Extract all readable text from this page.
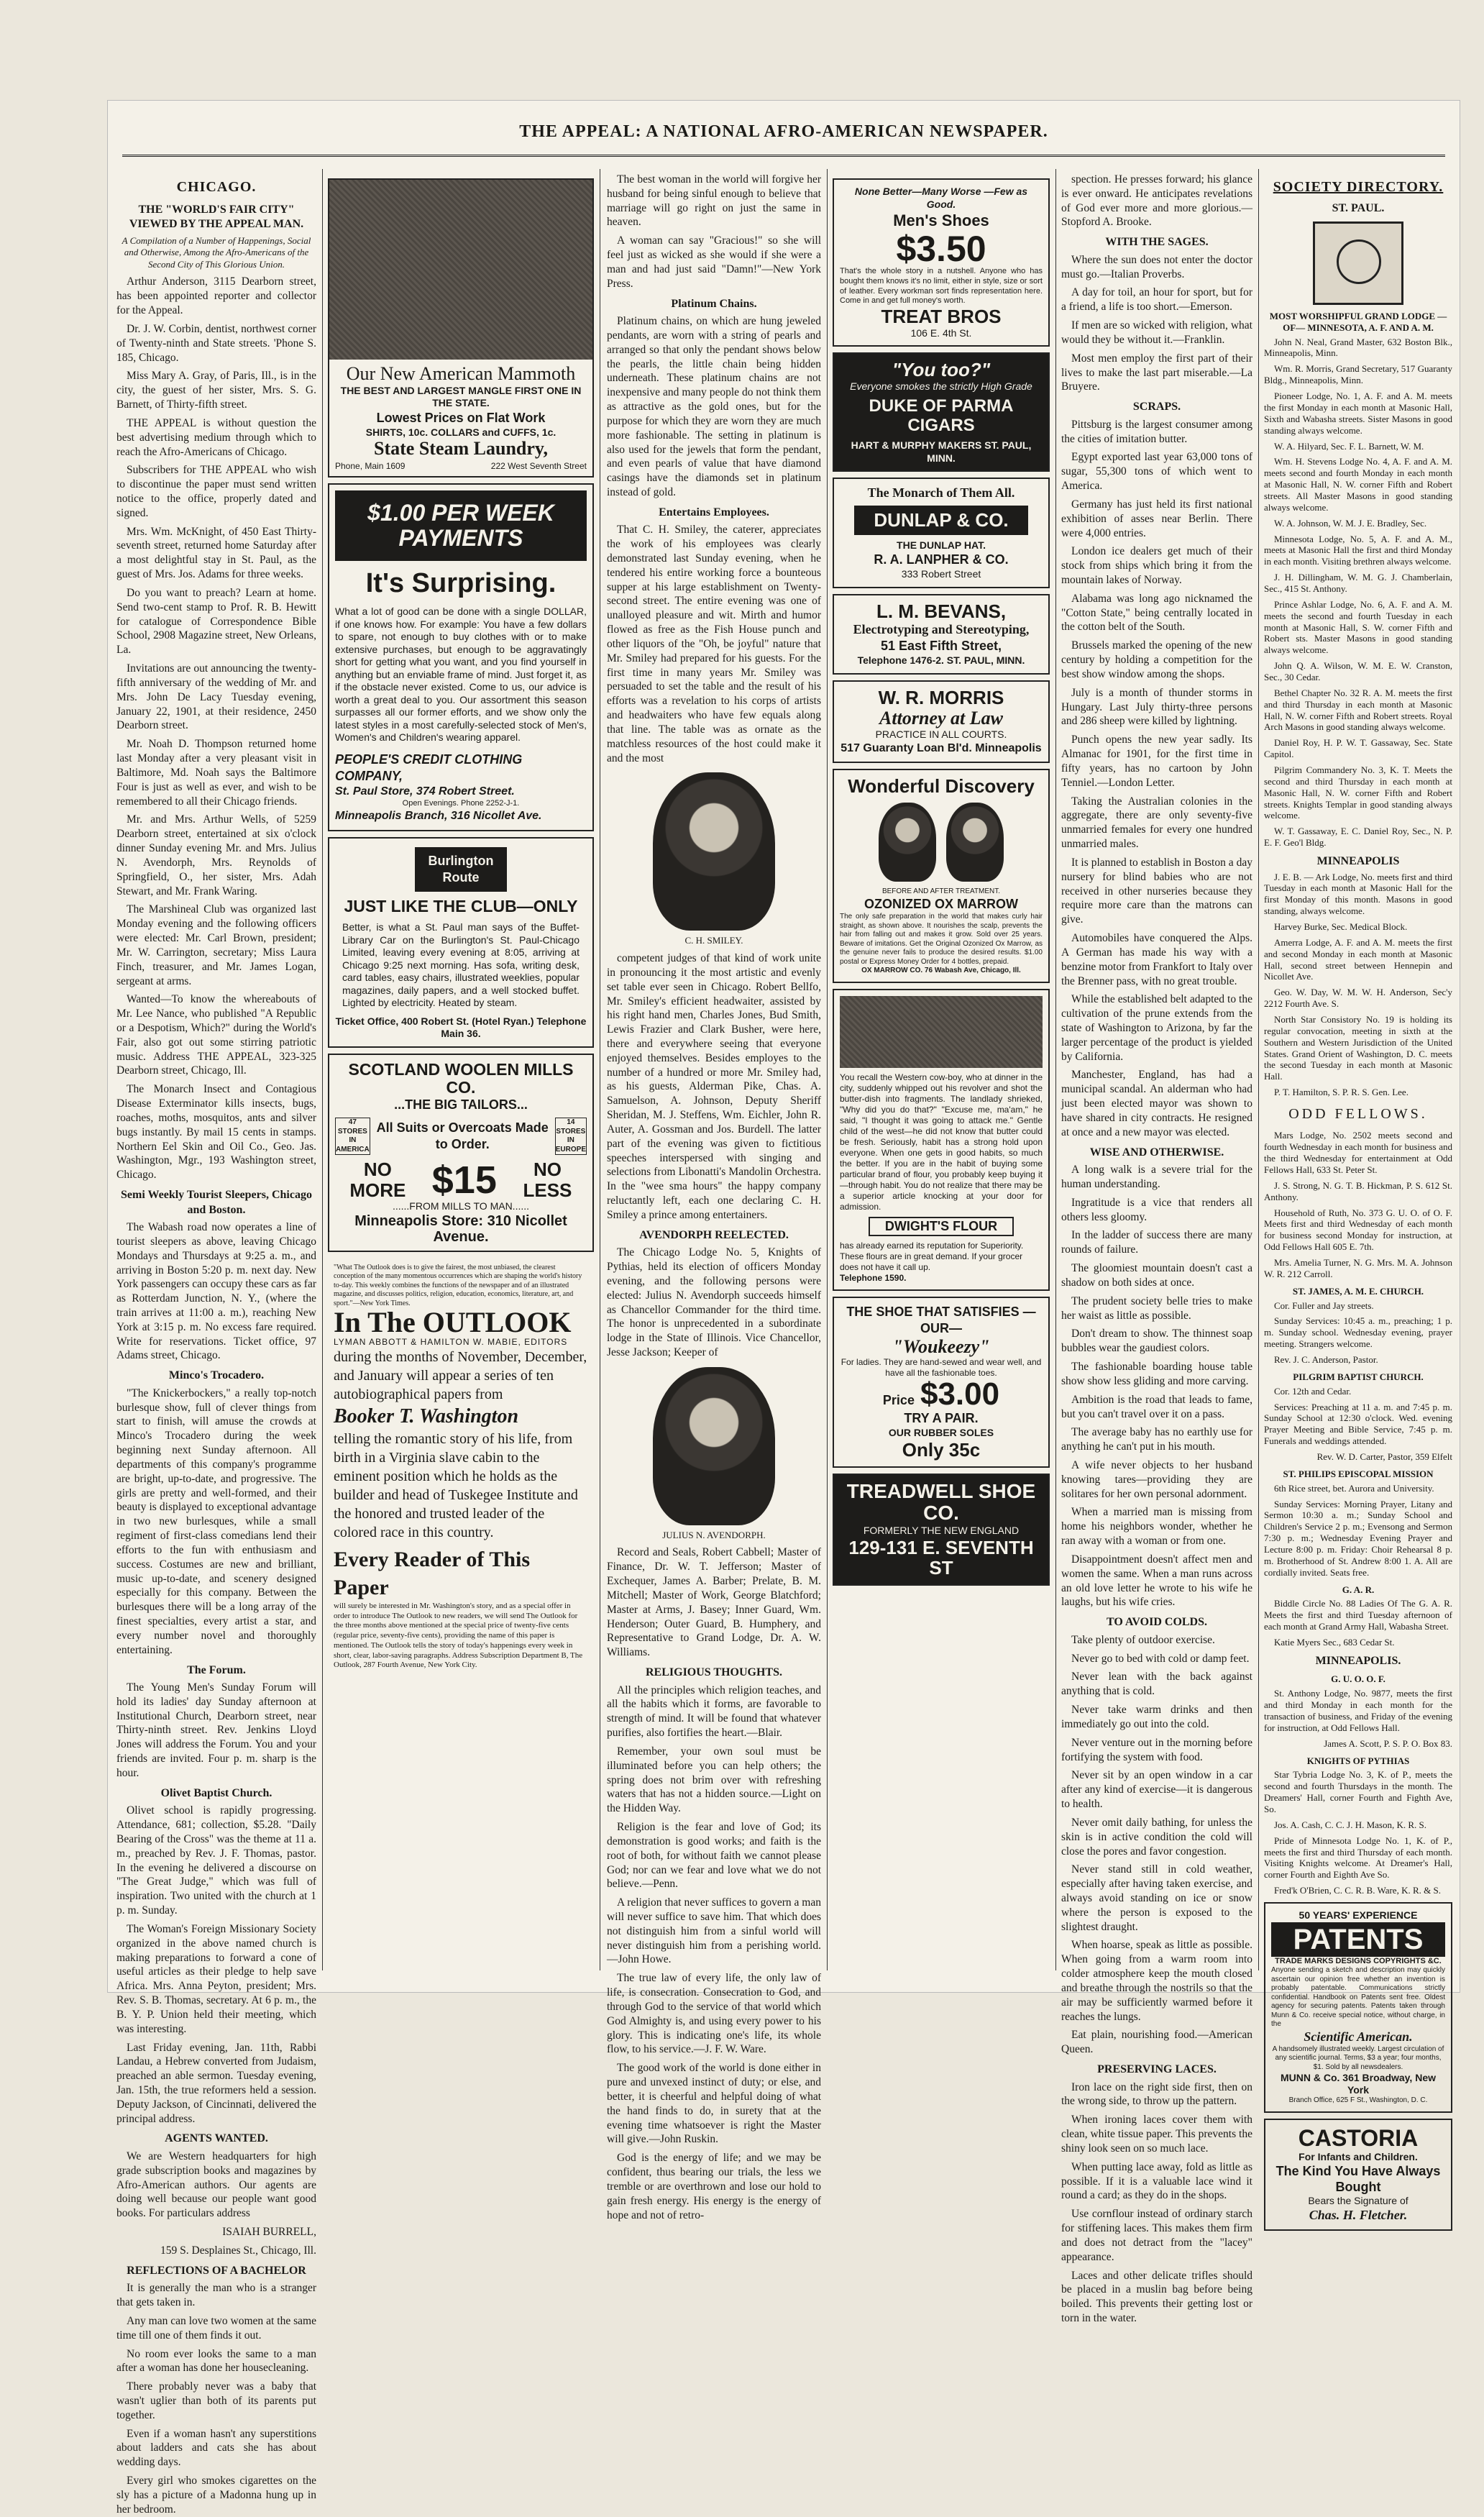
THE APPEAL: A NATIONAL AFRO-AMERICAN NEWSPAPER.
CHICAGO.
THE "WORLD'S FAIR CITY" VIEWED BY THE APPEAL MAN.
A Compilation of a Number of Happenings, Social and Otherwise, Among the Afro-Americans of the Second City of This Glorious Union.
Arthur Anderson, 3115 Dearborn street, has been appointed reporter and collector for the Appeal.
Dr. J. W. Corbin, dentist, northwest corner of Twenty-ninth and State streets. 'Phone S. 185, Chicago.
Miss Mary A. Gray, of Paris, Ill., is in the city, the guest of her sister, Mrs. S. G. Barnett, of Thirty-fifth street.
THE APPEAL is without question the best advertising medium through which to reach the Afro-Americans of Chicago.
Subscribers for THE APPEAL who wish to discontinue the paper must send written notice to the office, properly dated and signed.
Mrs. Wm. McKnight, of 450 East Thirty-seventh street, returned home Saturday after a most delightful stay in St. Paul, as the guest of Mrs. Jos. Adams for three weeks.
Do you want to preach? Learn at home. Send two-cent stamp to Prof. R. B. Hewitt for catalogue of Correspondence Bible School, 2908 Magazine street, New Orleans, La.
Invitations are out announcing the twenty-fifth anniversary of the wedding of Mr. and Mrs. John De Lacy Tuesday evening, January 22, 1901, at their residence, 2450 Dearborn street.
Mr. Noah D. Thompson returned home last Monday after a very pleasant visit in Baltimore, Md. Noah says the Baltimore Four is just as well as ever, and wish to be remembered to all their Chicago friends.
Mr. and Mrs. Arthur Wells, of 5259 Dearborn street, entertained at six o'clock dinner Sunday evening Mr. and Mrs. Julius N. Avendorph, Mrs. Reynolds of Springfield, O., her sister, Mrs. Adah Stewart, and Mr. Frank Waring.
The Marshineal Club was organized last Monday evening and the following officers were elected: Mr. Carl Brown, president; Mr. W. Carrington, secretary; Miss Laura Finch, treasurer, and Mr. James Logan, sergeant at arms.
Wanted—To know the whereabouts of Mr. Lee Nance, who published "A Republic or a Despotism, Which?" during the World's Fair, also got out some stirring patriotic music. Address THE APPEAL, 323-325 Dearborn street, Chicago, Ill.
The Monarch Insect and Contagious Disease Exterminator kills insects, bugs, roaches, moths, mosquitos, ants and silver bugs instantly. By mail 15 cents in stamps. Northern Eel Skin and Oil Co., Geo. Jas. Washington, Mgr., 193 Washington street, Chicago.
Semi Weekly Tourist Sleepers, Chicago and Boston.
The Wabash road now operates a line of tourist sleepers as above, leaving Chicago Mondays and Thursdays at 9:25 a. m., and arriving in Boston 5:20 p. m. next day. New York passengers can occupy these cars as far as Rotterdam Junction, N. Y., (where the train arrives at 11:00 a. m.), reaching New York at 3:15 p. m. No excess fare required. Write for reservations. Ticket office, 97 Adams street, Chicago.
Minco's Trocadero.
"The Knickerbockers," a really top-notch burlesque show, full of clever things from start to finish, will amuse the crowds at Minco's Trocadero during the week beginning next Sunday afternoon. All departments of this company's programme are bright, up-to-date, and progressive. The girls are pretty and well-formed, and their beauty is displayed to exceptional advantage in two new burlesques, while a small regiment of first-class comedians lend their efforts to the fun with enthusiasm and success. Costumes are new and brilliant, music up-to-date, and scenery designed especially for this company. Between the burlesques there will be a long array of the finest specialties, every artist a star, and every number novel and thoroughly entertaining.
The Forum.
The Young Men's Sunday Forum will hold its ladies' day Sunday afternoon at Institutional Church, Dearborn street, near Thirty-ninth street. Rev. Jenkins Lloyd Jones will address the Forum. You and your friends are invited. Four p. m. sharp is the hour.
Olivet Baptist Church.
Olivet school is rapidly progressing. Attendance, 681; collection, $5.28. "Daily Bearing of the Cross" was the theme at 11 a. m., preached by Rev. J. F. Thomas, pastor. In the evening he delivered a discourse on "The Great Judge," which was full of inspiration. Two united with the church at 1 p. m. Sunday.
The Woman's Foreign Missionary Society organized in the above named church is making preparations to forward a cone of useful articles as their pledge to help save Africa. Mrs. Anna Peyton, president; Mrs. Rev. S. B. Thomas, secretary. At 6 p. m., the B. Y. P. Union held their meeting, which was interesting.
Last Friday evening, Jan. 11th, Rabbi Landau, a Hebrew converted from Judaism, preached an able sermon. Tuesday evening, Jan. 15th, the true reformers held a session. Deputy Jackson, of Cincinnati, delivered the principal address.
AGENTS WANTED.
We are Western headquarters for high grade subscription books and magazines by Afro-American authors. Our agents are doing well because our people want good books. For particulars address
ISAIAH BURRELL,
159 S. Desplaines St., Chicago, Ill.
REFLECTIONS OF A BACHELOR
It is generally the man who is a stranger that gets taken in.
Any man can love two women at the same time till one of them finds it out.
No room ever looks the same to a man after a woman has done her housecleaning.
There probably never was a baby that wasn't uglier than both of its parents put together.
Even if a woman hasn't any superstitions about ladders and cats she has about wedding days.
Every girl who smokes cigarettes on the sly has a picture of a Madonna hung up in her bedroom.
Our New American Mammoth
THE BEST AND LARGEST MANGLE FIRST ONE IN THE STATE.
Lowest Prices on Flat Work
SHIRTS, 10c. COLLARS and CUFFS, 1c.
State Steam Laundry,
Phone, Main 1609	222 West Seventh Street
$1.00 PER WEEK PAYMENTS
It's Surprising.
What a lot of good can be done with a single DOLLAR, if one knows how. For example: You have a few dollars to spare, not enough to buy clothes with or to make extensive purchases, but enough to be aggravatingly short for getting what you want, and you find yourself in anything but an enviable frame of mind. Just forget it, as if the obstacle never existed. Come to us, our advice is worth a great deal to you. Our assortment this season surpasses all our former efforts, and we show only the latest styles in a most carefully-selected stock of Men's, Women's and Children's wearing apparel.
PEOPLE'S CREDIT CLOTHING COMPANY,
St. Paul Store, 374 Robert Street.
Open Evenings. Phone 2252-J-1.
Minneapolis Branch, 316 Nicollet Ave.
Burlington Route
JUST LIKE THE CLUB—ONLY
Better, is what a St. Paul man says of the Buffet-Library Car on the Burlington's St. Paul-Chicago Limited, leaving every evening at 8:05, arriving at Chicago 9:25 next morning. Has sofa, writing desk, card tables, easy chairs, illustrated weeklies, popular magazines, daily papers, and a well stocked buffet. Lighted by electricity. Heated by steam.
Ticket Office, 400 Robert St. (Hotel Ryan.) Telephone Main 36.
SCOTLAND WOOLEN MILLS CO.
...THE BIG TAILORS...
47 STORES IN AMERICA
All Suits or Overcoats Made to Order.
14 STORES IN EUROPE
NO MORE $15	NO LESS
......FROM MILLS TO MAN......
Minneapolis Store: 310 Nicollet Avenue.
"What The Outlook does is to give the fairest, the most unbiased, the clearest conception of the many momentous occurrences which are shaping the world's history to-day. This weekly combines the functions of the newspaper and of an illustrated magazine, and discusses politics, religion, education, economics, literature, art, and sport."—New York Times.
In The OUTLOOK
LYMAN ABBOTT & HAMILTON W. MABIE, EDITORS
during the months of November, December, and January will appear a series of ten autobiographical papers from
Booker T. Washington
telling the romantic story of his life, from birth in a Virginia slave cabin to the eminent position which he holds as the builder and head of Tuskegee Institute and the honored and trusted leader of the colored race in this country.
Every Reader of This Paper
will surely be interested in Mr. Washington's story, and as a special offer in order to introduce The Outlook to new readers, we will send The Outlook for the three months above mentioned at the special price of twenty-five cents (regular price, seventy-five cents), providing the name of this paper is mentioned. The Outlook tells the story of today's happenings every week in short, clear, labor-saving paragraphs. Address Subscription Department B, The Outlook, 287 Fourth Avenue, New York City.
The best woman in the world will forgive her husband for being sinful enough to believe that marriage will go right on just the same in heaven.
A woman can say "Gracious!" so she will feel just as wicked as she would if she were a man and had just said "Damn!"—New York Press.
Platinum Chains.
Platinum chains, on which are hung jeweled pendants, are worn with a string of pearls and arranged so that only the pendant shows below the pearls, the little chain being hidden underneath. These platinum chains are not inexpensive and many people do not think them as attractive as the gold ones, but for the purpose for which they are worn they are much more fashionable. The setting in platinum is also used for the jewels that form the pendant, and even pearls of value that have diamond casings have the diamonds set in platinum instead of gold.
Entertains Employees.
That C. H. Smiley, the caterer, appreciates the work of his employees was clearly demonstrated last Sunday evening, when he tendered his entire working force a bounteous supper at his large establishment on Twenty-second street. The entire evening was one of unalloyed pleasure and wit. Mirth and humor flowed as free as the Fish House punch and other liquors of the "Oh, be joyful" nature that Mr. Smiley had prepared for his guests. For the first time in many years Mr. Smiley was persuaded to set the table and the result of his efforts was a revelation to his corps of artists and headwaiters who have few equals along that line. The table was as ornate as the matchless resources of the host could make it and the most
C. H. SMILEY.
competent judges of that kind of work unite in pronouncing it the most artistic and evenly set table ever seen in Chicago. Robert Bellfo, Mr. Smiley's efficient headwaiter, assisted by his right hand men, Charles Jones, Bud Smith, Lewis Frazier and Clark Busher, were here, there and everywhere seeing that everyone enjoyed themselves. Besides employes to the number of a hundred or more Mr. Smiley had, as his guests, Alderman Pike, Chas. A. Samuelson, A. Johnson, Deputy Sheriff Sheridan, M. J. Steffens, Wm. Eichler, John R. Auter, A. Gossman and Jos. Burdell. The latter part of the evening was given to fictitious speeches interspersed with singing and selections from Libonatti's Mandolin Orchestra. In the "wee sma hours" the happy company reluctantly left, each one declaring C. H. Smiley a prince among entertainers.
AVENDORPH REELECTED.
The Chicago Lodge No. 5, Knights of Pythias, held its election of officers Monday evening, and the following persons were elected: Julius N. Avendorph succeeds himself as Chancellor Commander for the third time. The honor is unprecedented in a subordinate lodge in the State of Illinois. Vice Chancellor, Jesse Jackson; Keeper of
JULIUS N. AVENDORPH.
Record and Seals, Robert Cabbell; Master of Finance, Dr. W. T. Jefferson; Master of Exchequer, James A. Barber; Prelate, B. M. Mitchell; Master of Work, George Blatchford; Master at Arms, J. Basey; Inner Guard, Wm. Henderson; Outer Guard, B. Humphery, and Representative to Grand Lodge, Dr. A. W. Williams.
RELIGIOUS THOUGHTS.
All the principles which religion teaches, and all the habits which it forms, are favorable to strength of mind. It will be found that whatever purifies, also fortifies the heart.—Blair.
Remember, your own soul must be illuminated before you can help others; the spring does not brim over with refreshing waters that has not a hidden source.—Light on the Hidden Way.
Religion is the fear and love of God; its demonstration is good works; and faith is the root of both, for without faith we cannot please God; nor can we fear and love what we do not believe.—Penn.
A religion that never suffices to govern a man will never suffice to save him. That which does not distinguish him from a sinful world will never distinguish him from a perishing world.—John Howe.
The true law of every life, the only law of life, is consecration. Consecration to God, and through God to the service of that world which God Almighty is, and using every power to his glory. This is indicating one's life, its whole flow, to his service.—J. F. W. Ware.
The good work of the world is done either in pure and unvexed instinct of duty; or else, and better, it is cheerful and helpful doing of what the hand finds to do, in surety that at the evening time whatsoever is right the Master will give.—John Ruskin.
God is the energy of life; and we may be confident, thus bearing our trials, the less we tremble or are overthrown and lose our hold to gain fresh energy. His energy is the energy of hope and not of retro-
None Better—Many Worse —Few as Good.
Men's Shoes
$3.50
That's the whole story in a nutshell. Anyone who has bought them knows it's no limit, either in style, size or sort of leather. Every workman sort finds representation here. Come in and get full money's worth.
TREAT BROS
106 E. 4th St.
"You too?"
Everyone smokes the strictly High Grade
DUKE OF PARMA CIGARS
HART & MURPHY MAKERS ST. PAUL, MINN.
The Monarch of Them All.
DUNLAP & CO.
THE DUNLAP HAT.
R. A. LANPHER & CO.
333 Robert Street
L. M. BEVANS,
Electrotyping and Stereotyping,
51 East Fifth Street,
Telephone 1476-2. ST. PAUL, MINN.
W. R. MORRIS
Attorney at Law
PRACTICE IN ALL COURTS.
517 Guaranty Loan Bl'd. Minneapolis
Wonderful Discovery
BEFORE AND AFTER TREATMENT.
OZONIZED OX MARROW
The only safe preparation in the world that makes curly hair straight, as shown above. It nourishes the scalp, prevents the hair from falling out and makes it grow. Sold over 25 years. Beware of imitations. Get the Original Ozonized Ox Marrow, as the genuine never fails to produce the desired results. $1.00 postal or Express Money Order for 4 bottles, prepaid.
OX MARROW CO. 76 Wabash Ave, Chicago, Ill.
You recall the Western cow-boy, who at dinner in the city, suddenly whipped out his revolver and shot the butter-dish into fragments. The landlady shrieked, "Why did you do that?" "Excuse me, ma'am," he said, "I thought it was going to attack me." Gentle child of the west—he did not know that butter could be fresh. Seriously, habit has a strong hold upon everyone. When one gets in good habits, so much the better. If you are in the habit of buying some particular brand of flour, you probably keep buying it—through habit. You do not realize that there may be a superior article knocking at your door for admission.
DWIGHT'S FLOUR
has already earned its reputation for Superiority. These flours are in great demand. If your grocer does not have it call up.
Telephone 1590.
THE SHOE THAT SATISFIES —OUR—
"Woukeezy"
For ladies. They are hand-sewed and wear well, and have all the fashionable toes.
Price $3.00
TRY A PAIR.
OUR RUBBER SOLES
Only 35c
TREADWELL SHOE CO.
FORMERLY THE NEW ENGLAND
129-131 E. SEVENTH ST
spection. He presses forward; his glance is ever onward. He anticipates revelations of God ever more and more glorious.—Stopford A. Brooke.
WITH THE SAGES.
Where the sun does not enter the doctor must go.—Italian Proverbs.
A day for toil, an hour for sport, but for a friend, a life is too short.—Emerson.
If men are so wicked with religion, what would they be without it.—Franklin.
Most men employ the first part of their lives to make the last part miserable.—La Bruyere.
SCRAPS.
Pittsburg is the largest consumer among the cities of imitation butter.
Egypt exported last year 63,000 tons of sugar, 55,300 tons of which went to America.
Germany has just held its first national exhibition of asses near Berlin. There were 4,000 entries.
London ice dealers get much of their stock from ships which bring it from the mountain lakes of Norway.
Alabama was long ago nicknamed the "Cotton State," being centrally located in the cotton belt of the South.
Brussels marked the opening of the new century by holding a competition for the best show window among the shops.
July is a month of thunder storms in Hungary. Last July thirty-three persons and 286 sheep were killed by lightning.
Punch opens the new year sadly. Its Almanac for 1901, for the first time in fifty years, has no cartoon by John Tenniel.—London Letter.
Taking the Australian colonies in the aggregate, there are only seventy-five unmarried females for every one hundred unmarried males.
It is planned to establish in Boston a day nursery for blind babies who are not received in other nurseries because they require more care than the matrons can give.
Automobiles have conquered the Alps. A German has made his way with a benzine motor from Frankfort to Italy over the Brenner pass, with no great trouble.
While the established belt adapted to the cultivation of the prune extends from the state of Washington to Arizona, by far the larger percentage of the product is yielded by California.
Manchester, England, has had a municipal scandal. An alderman who had just been elected mayor was shown to have shared in city contracts. He resigned at once and a new mayor was elected.
WISE AND OTHERWISE.
A long walk is a severe trial for the human understanding.
Ingratitude is a vice that renders all others less gloomy.
In the ladder of success there are many rounds of failure.
The gloomiest mountain doesn't cast a shadow on both sides at once.
The prudent society belle tries to make her waist as little as possible.
Don't dream to show. The thinnest soap bubbles wear the gaudiest colors.
The fashionable boarding house table show show less gliding and more carving.
Ambition is the road that leads to fame, but you can't travel over it on a pass.
The average baby has no earthly use for anything he can't put in his mouth.
A wife never objects to her husband knowing tares—providing they are solitares for her own personal adornment.
When a married man is missing from home his neighbors wonder, whether he ran away with a woman or from one.
Disappointment doesn't affect men and women the same. When a man runs across an old love letter he wrote to his wife he laughs, but his wife cries.
TO AVOID COLDS.
Take plenty of outdoor exercise.
Never go to bed with cold or damp feet.
Never lean with the back against anything that is cold.
Never take warm drinks and then immediately go out into the cold.
Never venture out in the morning before fortifying the system with food.
Never sit by an open window in a car after any kind of exercise—it is dangerous to health.
Never omit daily bathing, for unless the skin is in active condition the cold will close the pores and favor congestion.
Never stand still in cold weather, especially after having taken exercise, and always avoid standing on ice or snow where the person is exposed to the slightest draught.
When hoarse, speak as little as possible. When going from a warm room into colder atmosphere keep the mouth closed and breathe through the nostrils so that the air may be sufficiently warmed before it reaches the lungs.
Eat plain, nourishing food.—American Queen.
PRESERVING LACES.
Iron lace on the right side first, then on the wrong side, to throw up the pattern.
When ironing laces cover them with clean, white tissue paper. This prevents the shiny look seen on so much lace.
When putting lace away, fold as little as possible. If it is a valuable lace wind it round a card; as they do in the shops.
Use cornflour instead of ordinary starch for stiffening laces. This makes them firm and does not detract from the "lacey" appearance.
Laces and other delicate trifles should be placed in a muslin bag before being boiled. This prevents their getting lost or torn in the water.
SOCIETY DIRECTORY.
ST. PAUL.
MOST WORSHIPFUL GRAND LODGE —OF— MINNESOTA, A. F. AND A. M.
John N. Neal, Grand Master, 632 Boston Blk., Minneapolis, Minn.
Wm. R. Morris, Grand Secretary, 517 Guaranty Bldg., Minneapolis, Minn.
Pioneer Lodge, No. 1, A. F. and A. M. meets the first Monday in each month at Masonic Hall, Sixth and Wabasha streets. Sister Masons in good standing always welcome.
W. A. Hilyard, Sec. F. L. Barnett, W. M.
Wm. H. Stevens Lodge No. 4, A. F. and A. M. meets second and fourth Monday in each month at Masonic Hall, N. W. corner Fifth and Robert streets. All Master Masons in good standing always welcome.
W. A. Johnson, W. M. J. E. Bradley, Sec.
Minnesota Lodge, No. 5, A. F. and A. M., meets at Masonic Hall the first and third Monday in each month. Visiting brethren always welcome.
J. H. Dillingham, W. M. G. J. Chamberlain, Sec., 415 St. Anthony.
Prince Ashlar Lodge, No. 6, A. F. and A. M. meets the second and fourth Tuesday in each month at Masonic Hall, S. W. corner Fifth and Robert sts. Master Masons in good standing always welcome.
John Q. A. Wilson, W. M. E. W. Cranston, Sec., 30 Cedar.
Bethel Chapter No. 32 R. A. M. meets the first and third Thursday in each month at Masonic Hall, N. W. corner Fifth and Robert streets. Royal Arch Masons in good standing always welcome.
Daniel Roy, H. P. W. T. Gassaway, Sec. State Capitol.
Pilgrim Commandery No. 3, K. T. Meets the second and third Thursday in each month at Masonic Hall, N. W. corner Fifth and Robert streets. Knights Templar in good standing always welcome.
W. T. Gassaway, E. C. Daniel Roy, Sec., N. P. E. F. Geo'l Bldg.
MINNEAPOLIS
J. E. B. — Ark Lodge, No. meets first and third Tuesday in each month at Masonic Hall for the first Monday of this month. Masons in good standing, always welcome.
Harvey Burke, Sec. Medical Block.
Amerra Lodge, A. F. and A. M. meets the first and second Monday in each month at Masonic Hall, second street between Hennepin and Nicollet Ave.
Geo. W. Day, W. M. W. H. Anderson, Sec'y 2212 Fourth Ave. S.
North Star Consistory No. 19 is holding its regular convocation, meeting in sixth at the Southern and Western Jurisdiction of the United States. Grand Orient of Washington, D. C. meets the second Tuesday in each month at Masonic Hall.
P. T. Hamilton, S. P. R. S. Gen. Lee.
ODD FELLOWS.
Mars Lodge, No. 2502 meets second and fourth Wednesday in each month for business and the third Wednesday for entertainment at Odd Fellows Hall, 633 St. Peter St.
J. S. Strong, N. G. T. B. Hickman, P. S. 612 St. Anthony.
Household of Ruth, No. 373 G. U. O. of O. F. Meets first and third Wednesday of each month for business second Monday for instruction, at Odd Fellows Hall 605 E. 7th.
Mrs. Amelia Turner, N. G. Mrs. M. A. Johnson W. R. 212 Carroll.
ST. JAMES, A. M. E. CHURCH.
Cor. Fuller and Jay streets.
Sunday Services: 10:45 a. m., preaching; 1 p. m. Sunday school. Wednesday evening, prayer meeting. Strangers welcome.
Rev. J. C. Anderson, Pastor.
PILGRIM BAPTIST CHURCH.
Cor. 12th and Cedar.
Services: Preaching at 11 a. m. and 7:45 p. m. Sunday School at 12:30 o'clock. Wed. evening Prayer Meeting and Bible Service, 7:45 p. m. Funerals and weddings attended.
Rev. W. D. Carter, Pastor, 359 Elfelt
ST. PHILIPS EPISCOPAL MISSION
6th Rice street, bet. Aurora and University.
Sunday Services: Morning Prayer, Litany and Sermon 10:30 a. m.; Sunday School and Children's Service 2 p. m.; Evensong and Sermon 7:30 p. m.; Wednesday Evening Prayer and Lecture 8:00 p. m. Friday: Choir Rehearsal 8 p. m. Brotherhood of St. Andrew 8:00 1. A. All are cordially invited. Seats free.
G. A. R.
Biddle Circle No. 88 Ladies Of The G. A. R. Meets the first and third Tuesday afternoon of each month at Grand Army Hall, Wabasha Street.
Katie Myers Sec., 683 Cedar St.
MINNEAPOLIS.
G. U. O. O. F.
St. Anthony Lodge, No. 9877, meets the first and third Monday in each month for the transaction of business, and Friday of the evening for instruction, at Odd Fellows Hall.
James A. Scott, P. S. P. O. Box 83.
KNIGHTS OF PYTHIAS
Star Tybria Lodge No. 3, K. of P., meets the second and fourth Thursdays in the month. The Dreamers' Hall, corner Fourth and Fighth Ave, So.
Jos. A. Cash, C. C. J. H. Mason, K. R. S.
Pride of Minnesota Lodge No. 1, K. of P., meets the first and third Thursday of each month. Visiting Knights welcome. At Dreamer's Hall, corner Fourth and Eighth Ave So.
Fred'k O'Brien, C. C. R. B. Ware, K. R. & S.
50 YEARS' EXPERIENCE
PATENTS
TRADE MARKS DESIGNS COPYRIGHTS &C.
Anyone sending a sketch and description may quickly ascertain our opinion free whether an invention is probably patentable. Communications strictly confidential. Handbook on Patents sent free. Oldest agency for securing patents. Patents taken through Munn & Co. receive special notice, without charge, in the
Scientific American.
A handsomely illustrated weekly. Largest circulation of any scientific journal. Terms, $3 a year; four months, $1. Sold by all newsdealers.
MUNN & Co. 361 Broadway, New York
Branch Office, 625 F St., Washington, D. C.
CASTORIA
For Infants and Children.
The Kind You Have Always Bought
Bears the Signature of
Chas. H. Fletcher.
